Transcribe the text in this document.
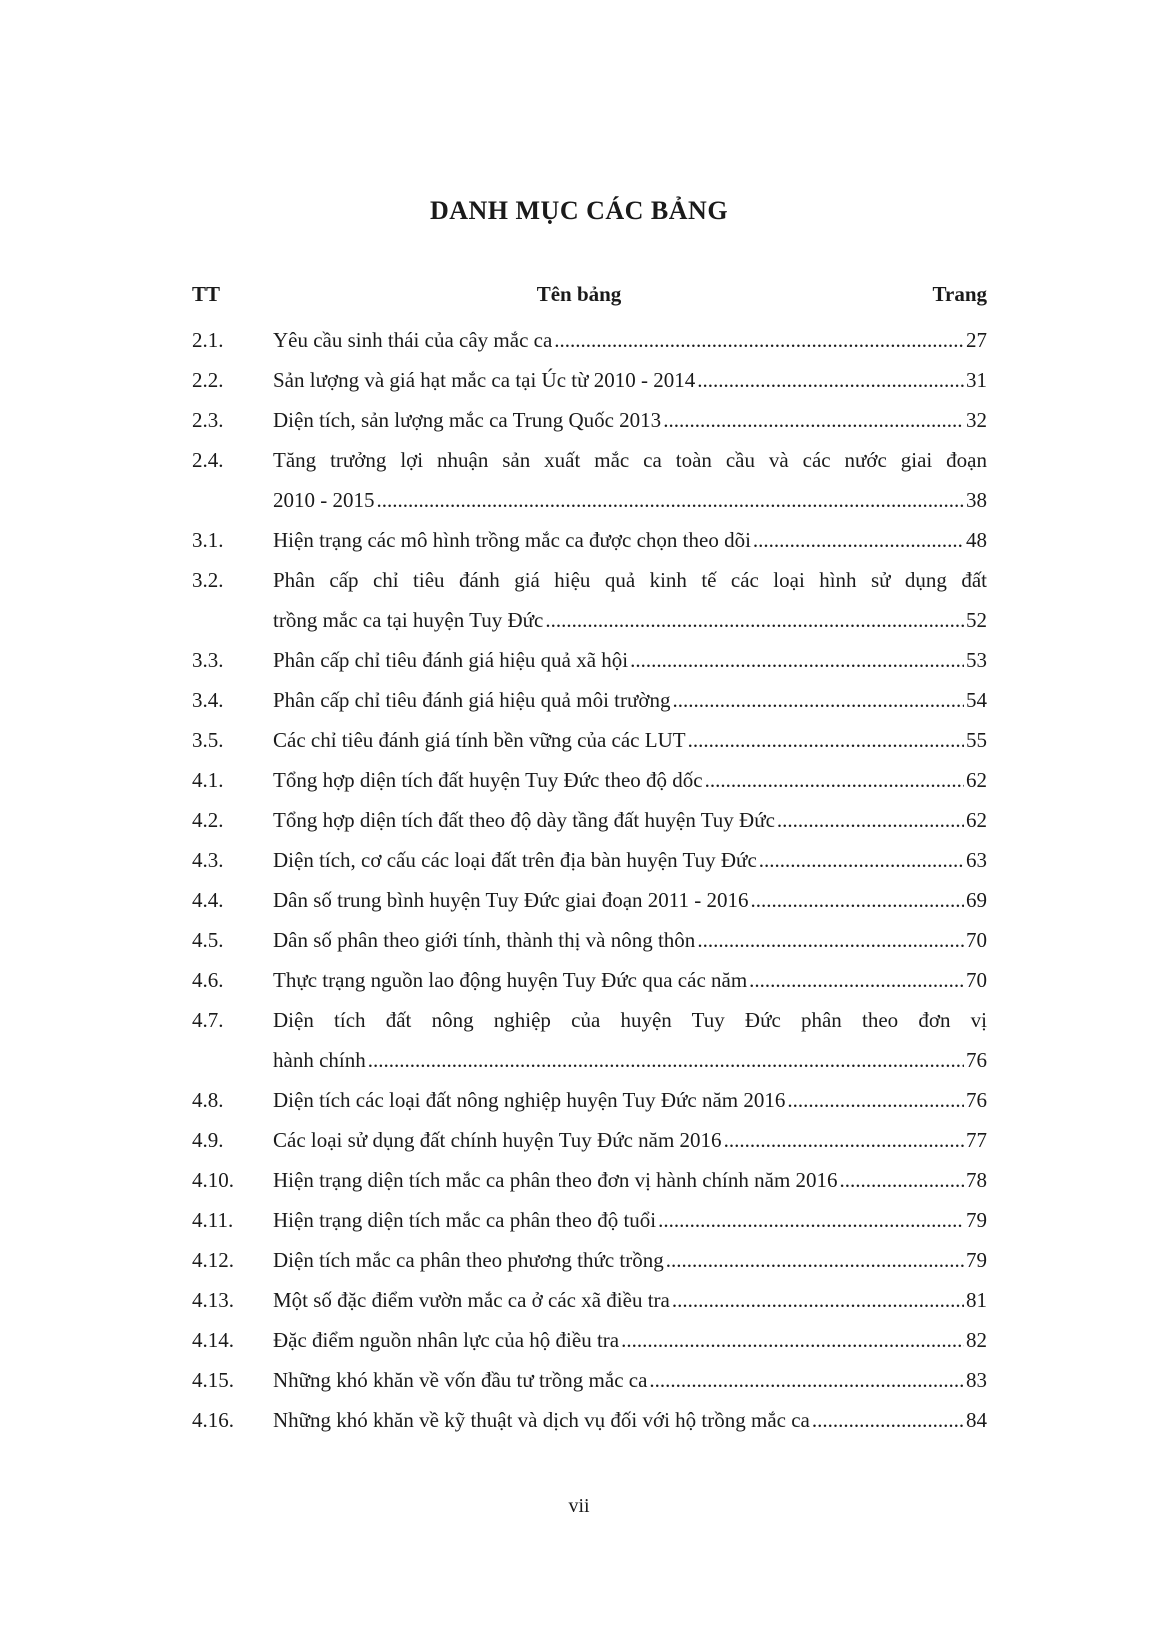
DANH MỤC CÁC BẢNG
TT	Tên bảng	Trang
2.1. Yêu cầu sinh thái của cây mắc ca .....	27
2.2. Sản lượng và giá hạt mắc ca tại Úc từ 2010 - 2014 .....	31
2.3. Diện tích, sản lượng mắc ca Trung Quốc 2013 .....	32
2.4. Tăng trưởng lợi nhuận sản xuất mắc ca toàn cầu và các nước giai đoạn
2010 - 2015 .....	38
3.1. Hiện trạng các mô hình trồng mắc ca được chọn theo dõi .....	48
3.2. Phân cấp chỉ tiêu đánh giá hiệu quả kinh tế các loại hình sử dụng đất
trồng mắc ca tại huyện Tuy Đức .....	52
3.3. Phân cấp chỉ tiêu đánh giá hiệu quả xã hội .....	53
3.4. Phân cấp chỉ tiêu đánh giá hiệu quả môi trường .....	54
3.5. Các chỉ tiêu đánh giá tính bền vững của các LUT .....	55
4.1. Tổng hợp diện tích đất huyện Tuy Đức theo độ dốc .....	62
4.2. Tổng hợp diện tích đất theo độ dày tầng đất huyện Tuy Đức .....	62
4.3. Diện tích, cơ cấu các loại đất trên địa bàn huyện Tuy Đức .....	63
4.4. Dân số trung bình huyện Tuy Đức giai đoạn 2011 - 2016 .....	69
4.5. Dân số phân theo giới tính, thành thị và nông thôn .....	70
4.6. Thực trạng nguồn lao động huyện Tuy Đức qua các năm .....	70
4.7. Diện tích đất nông nghiệp của huyện Tuy Đức phân theo đơn vị
hành chính .....	76
4.8. Diện tích các loại đất nông nghiệp huyện Tuy Đức năm 2016 .....	76
4.9. Các loại sử dụng đất chính huyện Tuy Đức năm 2016 .....	77
4.10. Hiện trạng diện tích mắc ca phân theo đơn vị hành chính năm 2016 .....	78
4.11. Hiện trạng diện tích mắc ca phân theo độ tuổi .....	79
4.12. Diện tích mắc ca phân theo phương thức trồng .....	79
4.13. Một số đặc điểm vườn mắc ca ở các xã điều tra .....	81
4.14. Đặc điểm nguồn nhân lực của hộ điều tra .....	82
4.15. Những khó khăn về vốn đầu tư trồng mắc ca .....	83
4.16. Những khó khăn về kỹ thuật và dịch vụ đối với hộ trồng mắc ca .....	84
vii
